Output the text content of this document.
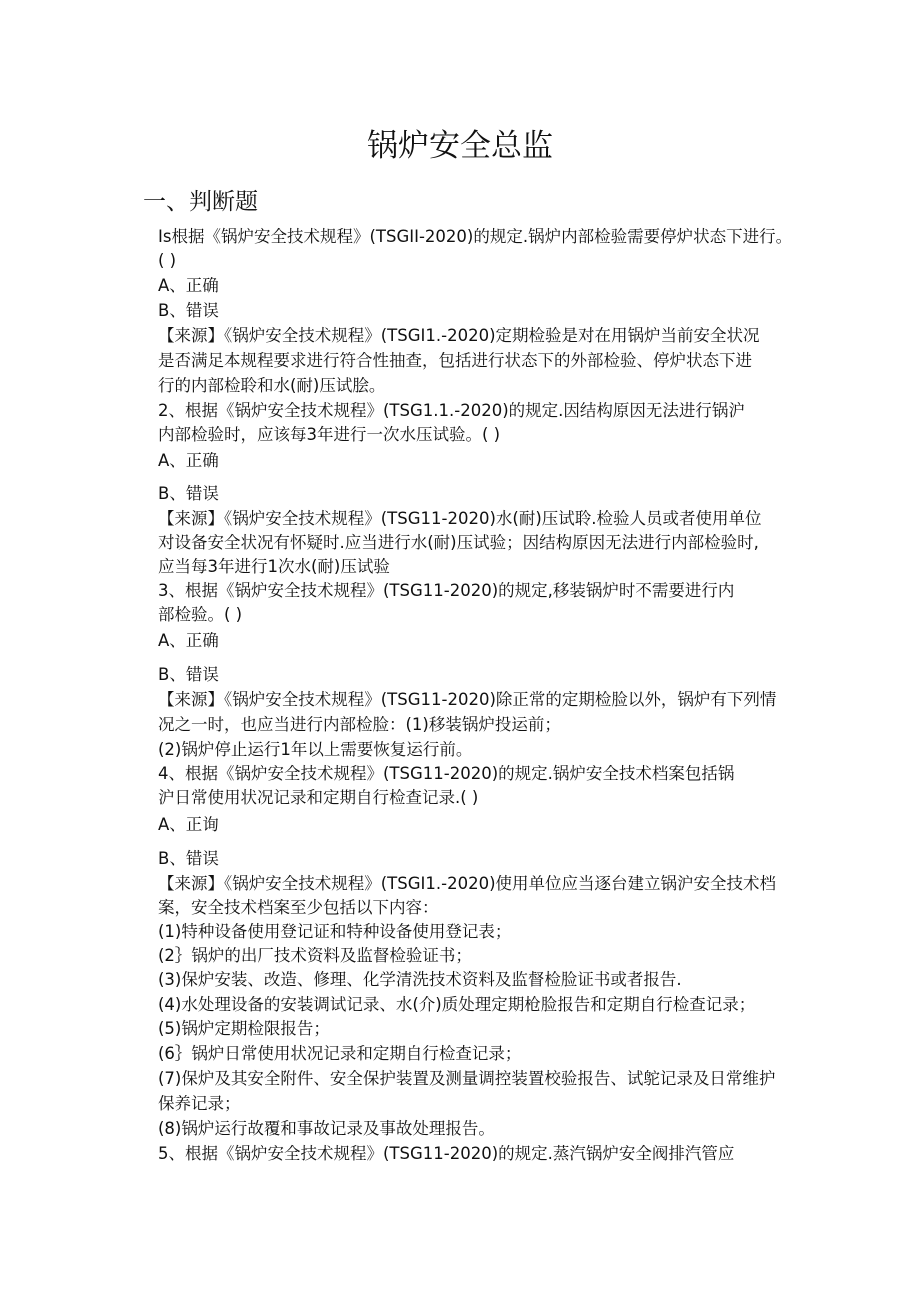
锅炉安全总监
一、判断题
Is根据《锅炉安全技术规程》(TSGII-2020)的规定.锅炉内部检验需要停炉状态下进行。
( )
A、正确
B、错误
【来源】《锅炉安全技术规程》(TSGI1.-2020)定期检验是对在用锅炉当前安全状况
是否满足本规程要求进行符合性抽查，包括进行状态下的外部检验、停炉状态下进
行的内部检聆和水(耐)压试脍。
2、根据《锅炉安全技术规程》(TSG1.1.-2020)的规定.因结构原因无法进行锅沪
内部检验时，应该每3年进行一次水压试验。( )
A、正确
B、错误
【来源】《锅炉安全技术规程》(TSG11-2020)水(耐)压试聆.检验人员或者使用单位
对设备安全状况有怀疑时.应当进行水(耐)压试验；因结构原因无法进行内部检验时,
应当每3年进行1次水(耐)压试验
3、根据《锅炉安全技术规程》(TSG11-2020)的规定,移装锅炉时不需要进行内
部检验。( )
A、正确
B、错误
【来源】《锅炉安全技术规程》(TSG11-2020)除正常的定期检脸以外，锅炉有下列情
况之一时，也应当进行内部检脸：(1)移装锅炉投运前；
(2)锅炉停止运行1年以上需要恢复运行前。
4、根据《锅炉安全技术规程》(TSG11-2020)的规定.锅炉安全技术档案包括锅
沪日常使用状况记录和定期自行检查记录.( )
A、正询
B、错误
【来源】《锅炉安全技术规程》(TSGI1.-2020)使用单位应当逐台建立锅沪安全技术档
案，安全技术档案至少包括以下内容：
(1)特种设备使用登记证和特种设备使用登记表；
(2｝锅炉的出厂技术资料及监督检验证书；
(3)保炉安装、改造、修理、化学清洗技术资料及监督检脸证书或者报告.
(4)水处理设备的安装调试记录、水(介)质处理定期枪脸报告和定期自行检查记录；
(5)锅炉定期检限报告；
(6｝锅炉日常使用状况记录和定期自行检查记录；
(7)保炉及其安全附件、安全保护装置及测量调控装置校验报告、试鸵记录及日常维护
保养记录；
(8)锅炉运行故覆和事故记录及事故处理报告。
5、根据《锅炉安全技术规程》(TSG11-2020)的规定.蒸汽锅炉安全阀排汽管应
